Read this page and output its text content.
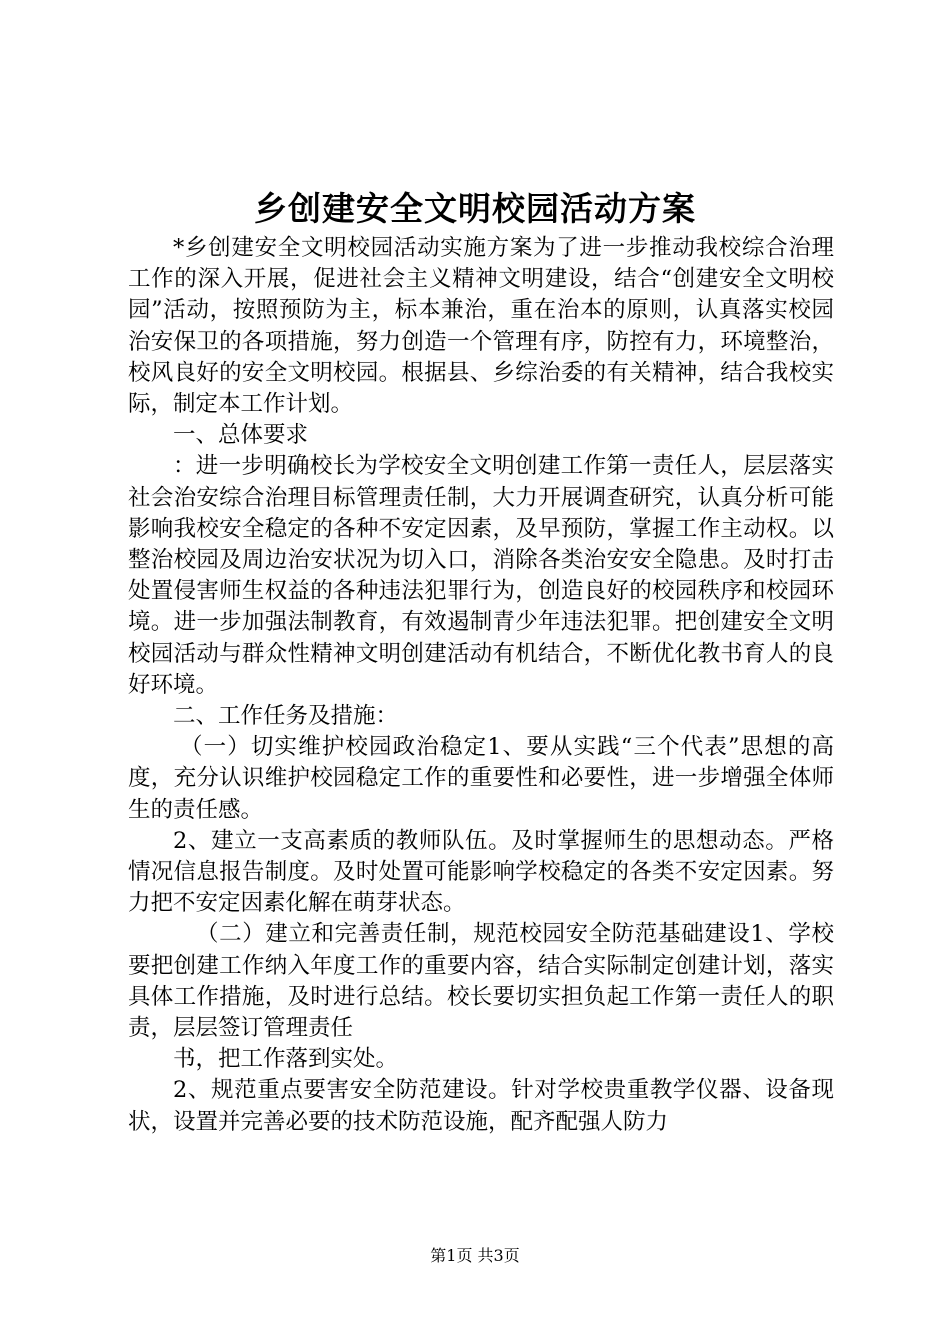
乡创建安全文明校园活动方案

*乡创建安全文明校园活动实施方案为了进一步推动我校综合治理工作的深入开展，促进社会主义精神文明建设，结合“创建安全文明校园”活动，按照预防为主，标本兼治，重在治本的原则，认真落实校园治安保卫的各项措施，努力创造一个管理有序，防控有力，环境整治，校风良好的安全文明校园。根据县、乡综治委的有关精神，结合我校实际，制定本工作计划。

一、总体要求

：进一步明确校长为学校安全文明创建工作第一责任人，层层落实社会治安综合治理目标管理责任制，大力开展调查研究，认真分析可能影响我校安全稳定的各种不安定因素，及早预防，掌握工作主动权。以整治校园及周边治安状况为切入口，消除各类治安安全隐患。及时打击处置侵害师生权益的各种违法犯罪行为，创造良好的校园秩序和校园环境。进一步加强法制教育，有效遏制青少年违法犯罪。把创建安全文明校园活动与群众性精神文明创建活动有机结合，不断优化教书育人的良好环境。

二、工作任务及措施：

（一）切实维护校园政治稳定1、要从实践“三个代表”思想的高度，充分认识维护校园稳定工作的重要性和必要性，进一步增强全体师生的责任感。

2、建立一支高素质的教师队伍。及时掌握师生的思想动态。严格情况信息报告制度。及时处置可能影响学校稳定的各类不安定因素。努力把不安定因素化解在萌芽状态。

（二）建立和完善责任制，规范校园安全防范基础建设1、学校要把创建工作纳入年度工作的重要内容，结合实际制定创建计划，落实具体工作措施，及时进行总结。校长要切实担负起工作第一责任人的职责，层层签订管理责任

书，把工作落到实处。

2、规范重点要害安全防范建设。针对学校贵重教学仪器、设备现状，设置并完善必要的技术防范设施，配齐配强人防力

第1页 共3页
